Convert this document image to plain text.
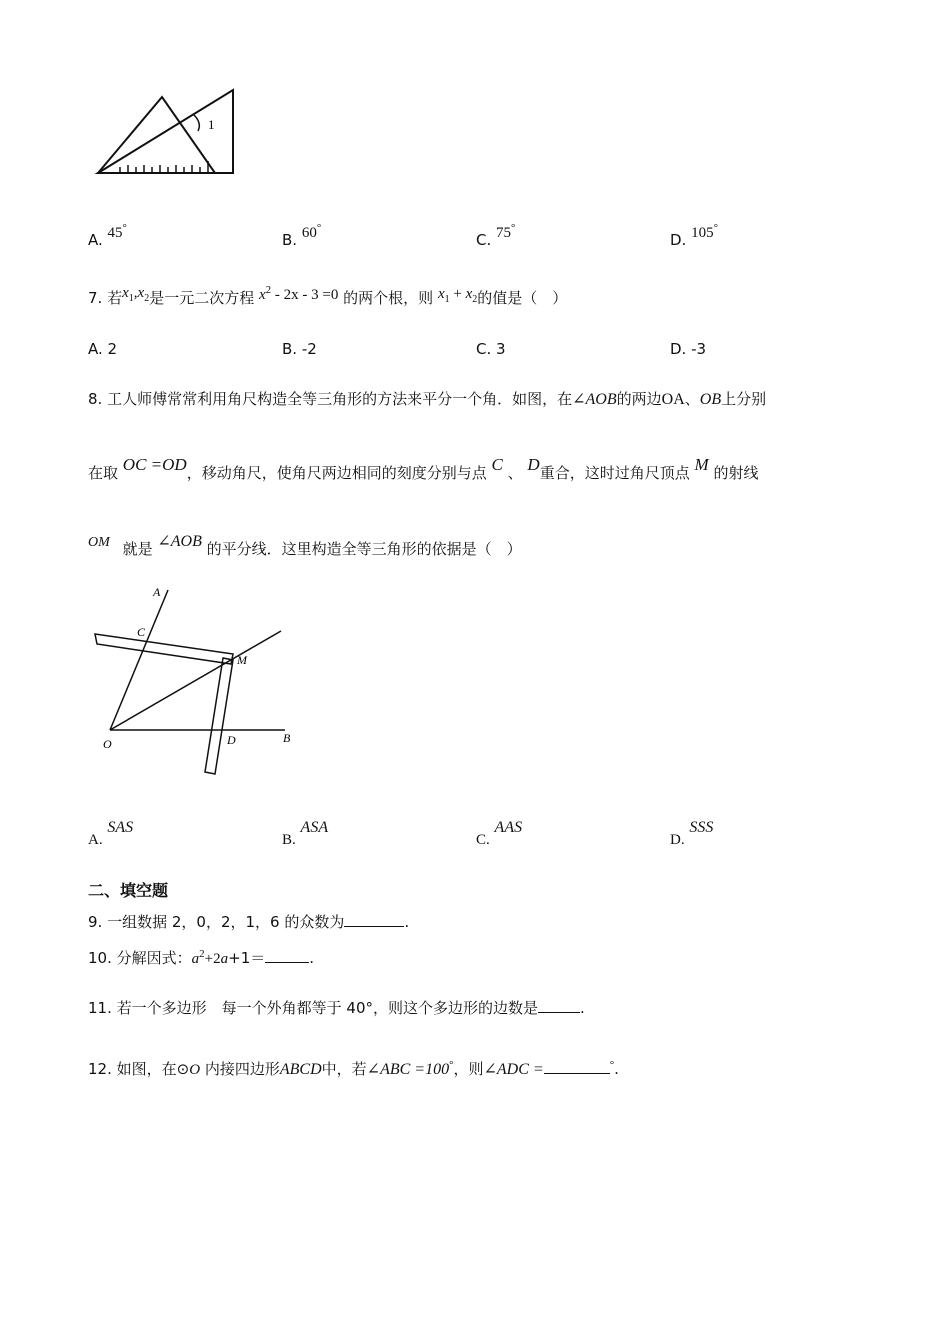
1
A. 45°
B. 60°
C. 75°
D. 105°
7. 若$x_1,x_2$是一元二次方程 $x^2 - 2x - 3 =0$ 的两个根，则 $x_1 + x_2$的值是（　）
A. 2	B. -2	C. 3	D. -3
8. 工人师傅常常利用角尺构造全等三角形的方法来平分一个角．如图，在∠AOB的两边OA、OB上分别
在取 OC =OD，移动角尺，使角尺两边相同的刻度分别与点 C 、 D重合，这时过角尺顶点 M 的射线
OM 就是 ∠AOB 的平分线．这里构造全等三角形的依据是（　）
A
C
M
O	D	B
A. SAS
B. ASA
C. AAS
D. SSS
二、填空题
9. 一组数据 2，0，2，1，6 的众数为	.
10. 分解因式：$a^2+2a+1=$	.
11. 若一个多边形　每一个外角都等于 40°，则这个多边形的边数是	.
12. 如图，在⊙O 内接四边形ABCD中，若∠ABC =100°，则∠ADC =	°.
